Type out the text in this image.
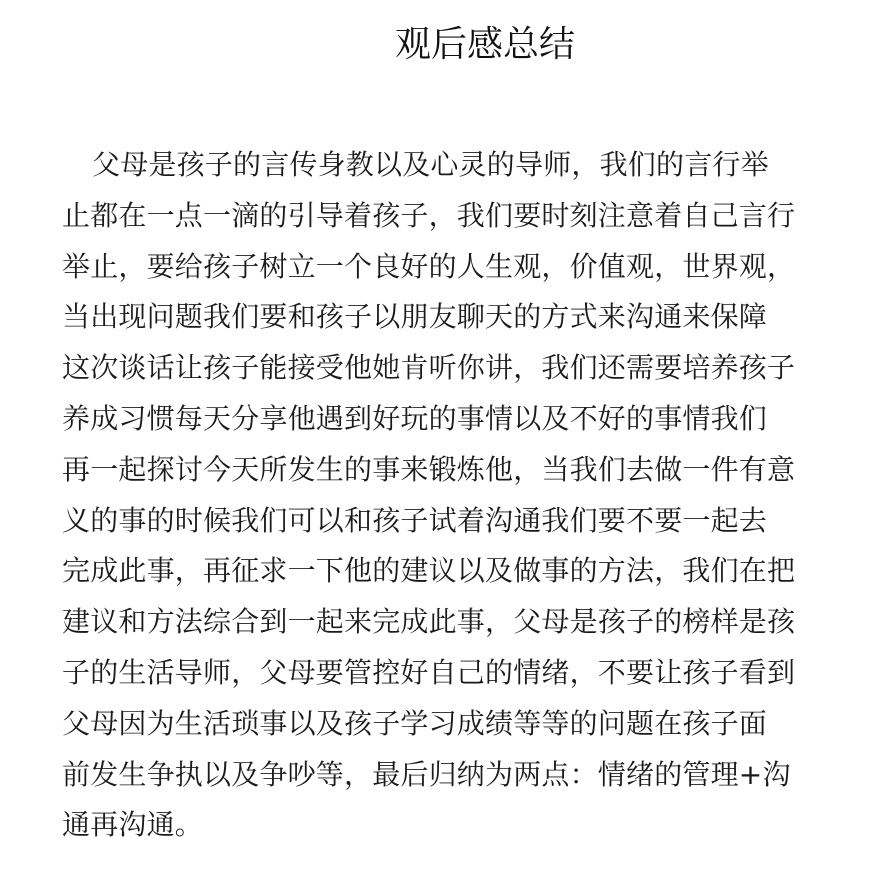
观后感总结
父母是孩子的言传身教以及心灵的导师，我们的言行举
止都在一点一滴的引导着孩子，我们要时刻注意着自己言行
举止，要给孩子树立一个良好的人生观，价值观，世界观，
当出现问题我们要和孩子以朋友聊天的方式来沟通来保障
这次谈话让孩子能接受他她肯听你讲，我们还需要培养孩子
养成习惯每天分享他遇到好玩的事情以及不好的事情我们
再一起探讨今天所发生的事来锻炼他，当我们去做一件有意
义的事的时候我们可以和孩子试着沟通我们要不要一起去
完成此事，再征求一下他的建议以及做事的方法，我们在把
建议和方法综合到一起来完成此事，父母是孩子的榜样是孩
子的生活导师，父母要管控好自己的情绪，不要让孩子看到
父母因为生活琐事以及孩子学习成绩等等的问题在孩子面
前发生争执以及争吵等，最后归纳为两点：情绪的管理+沟
通再沟通。
